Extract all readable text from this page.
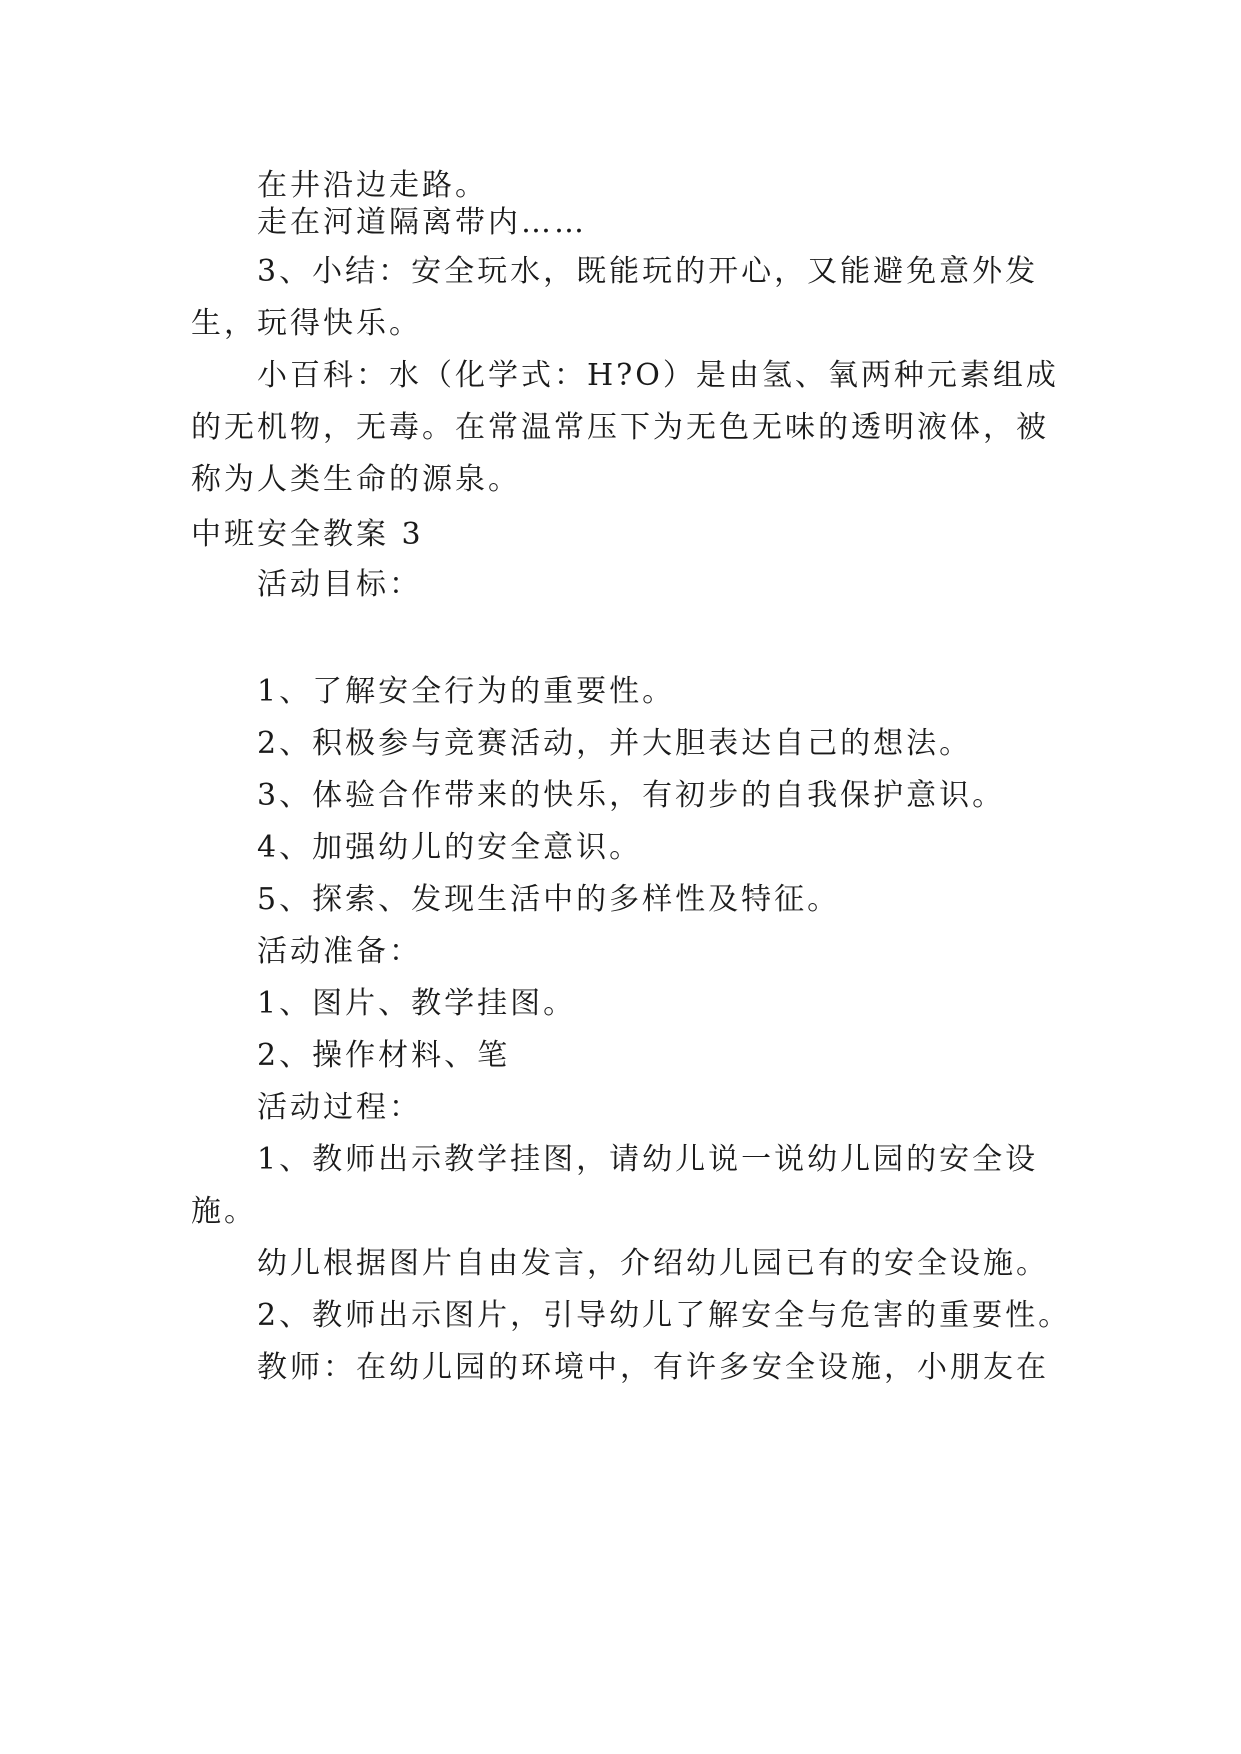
在井沿边走路。
走在河道隔离带内……
3、小结：安全玩水，既能玩的开心，又能避免意外发
生，玩得快乐。
小百科：水（化学式：H?O）是由氢、氧两种元素组成
的无机物，无毒。在常温常压下为无色无味的透明液体，被
称为人类生命的源泉。
中班安全教案 3
活动目标：
1、了解安全行为的重要性。
2、积极参与竞赛活动，并大胆表达自己的想法。
3、体验合作带来的快乐，有初步的自我保护意识。
4、加强幼儿的安全意识。
5、探索、发现生活中的多样性及特征。
活动准备：
1、图片、教学挂图。
2、操作材料、笔
活动过程：
1、教师出示教学挂图，请幼儿说一说幼儿园的安全设
施。
幼儿根据图片自由发言，介绍幼儿园已有的安全设施。
2、教师出示图片，引导幼儿了解安全与危害的重要性。
教师：在幼儿园的环境中，有许多安全设施，小朋友在
